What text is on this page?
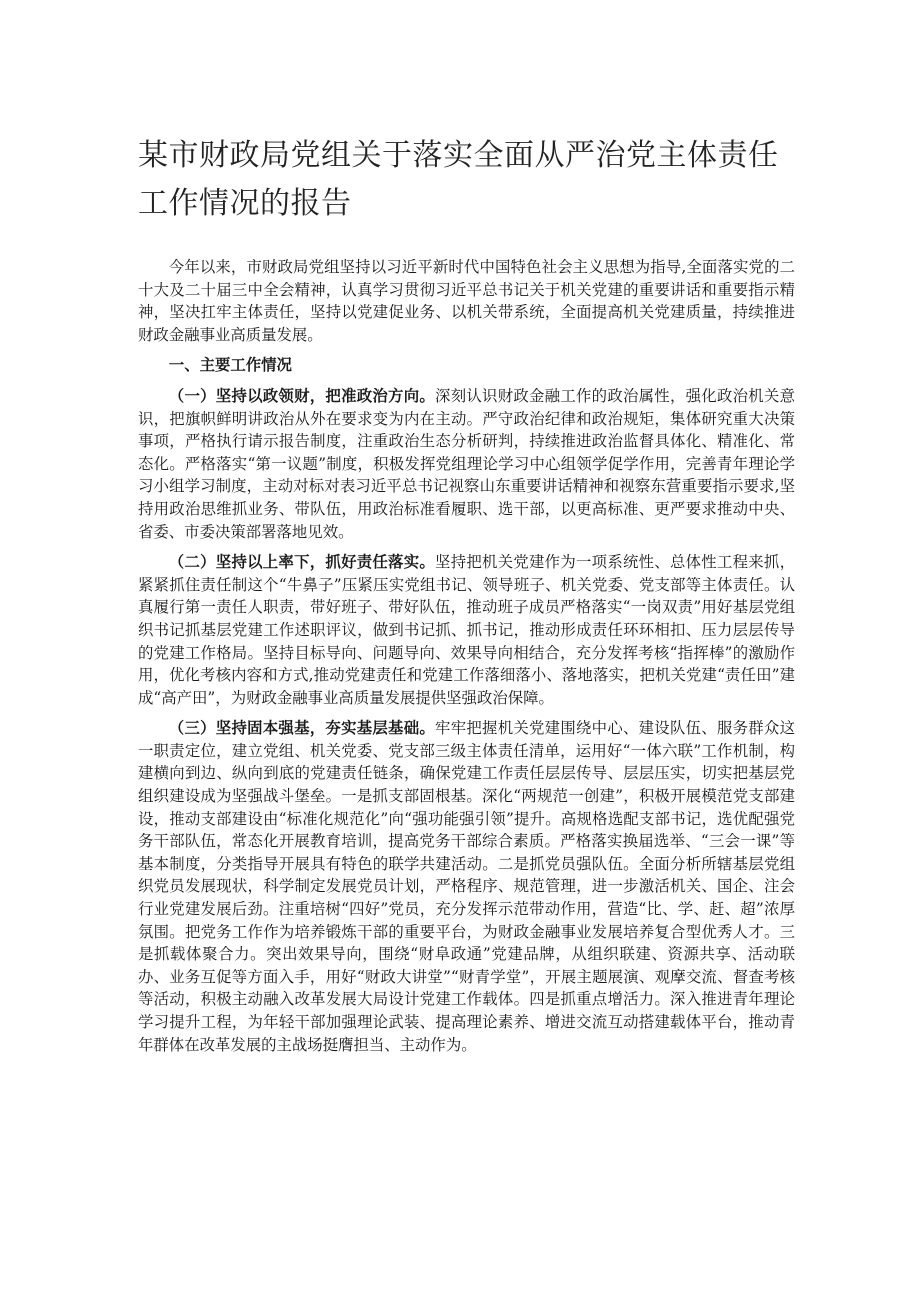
某市财政局党组关于落实全面从严治党主体责任工作情况的报告

今年以来，市财政局党组坚持以习近平新时代中国特色社会主义思想为指导,全面落实党的二十大及二十届三中全会精神，认真学习贯彻习近平总书记关于机关党建的重要讲话和重要指示精神，坚决扛牢主体责任，坚持以党建促业务、以机关带系统，全面提高机关党建质量，持续推进财政金融事业高质量发展。

一、主要工作情况

（一）坚持以政领财，把准政治方向。深刻认识财政金融工作的政治属性，强化政治机关意识，把旗帜鲜明讲政治从外在要求变为内在主动。严守政治纪律和政治规矩，集体研究重大决策事项，严格执行请示报告制度，注重政治生态分析研判，持续推进政治监督具体化、精准化、常态化。严格落实“第一议题”制度，积极发挥党组理论学习中心组领学促学作用，完善青年理论学习小组学习制度，主动对标对表习近平总书记视察山东重要讲话精神和视察东营重要指示要求,坚持用政治思维抓业务、带队伍，用政治标准看履职、选干部，以更高标准、更严要求推动中央、省委、市委决策部署落地见效。

（二）坚持以上率下，抓好责任落实。坚持把机关党建作为一项系统性、总体性工程来抓，紧紧抓住责任制这个“牛鼻子”压紧压实党组书记、领导班子、机关党委、党支部等主体责任。认真履行第一责任人职责，带好班子、带好队伍，推动班子成员严格落实“一岗双责”用好基层党组织书记抓基层党建工作述职评议，做到书记抓、抓书记，推动形成责任环环相扣、压力层层传导的党建工作格局。坚持目标导向、问题导向、效果导向相结合，充分发挥考核“指挥棒”的激励作用，优化考核内容和方式,推动党建责任和党建工作落细落小、落地落实，把机关党建“责任田”建成“高产田”，为财政金融事业高质量发展提供坚强政治保障。

（三）坚持固本强基，夯实基层基础。牢牢把握机关党建围绕中心、建设队伍、服务群众这一职责定位，建立党组、机关党委、党支部三级主体责任清单，运用好“一体六联”工作机制，构建横向到边、纵向到底的党建责任链条，确保党建工作责任层层传导、层层压实，切实把基层党组织建设成为坚强战斗堡垒。一是抓支部固根基。深化“两规范一创建”，积极开展模范党支部建设，推动支部建设由“标准化规范化”向“强功能强引领”提升。高规格选配支部书记，选优配强党务干部队伍，常态化开展教育培训，提高党务干部综合素质。严格落实换届选举、“三会一课”等基本制度，分类指导开展具有特色的联学共建活动。二是抓党员强队伍。全面分析所辖基层党组织党员发展现状，科学制定发展党员计划，严格程序、规范管理，进一步激活机关、国企、注会行业党建发展后劲。注重培树“四好”党员，充分发挥示范带动作用，营造“比、学、赶、超”浓厚氛围。把党务工作作为培养锻炼干部的重要平台，为财政金融事业发展培养复合型优秀人才。三是抓载体聚合力。突出效果导向，围绕“财阜政通”党建品牌，从组织联建、资源共享、活动联办、业务互促等方面入手，用好“财政大讲堂”“财青学堂”，开展主题展演、观摩交流、督查考核等活动，积极主动融入改革发展大局设计党建工作载体。四是抓重点增活力。深入推进青年理论学习提升工程，为年轻干部加强理论武装、提高理论素养、增进交流互动搭建载体平台，推动青年群体在改革发展的主战场挺膺担当、主动作为。
